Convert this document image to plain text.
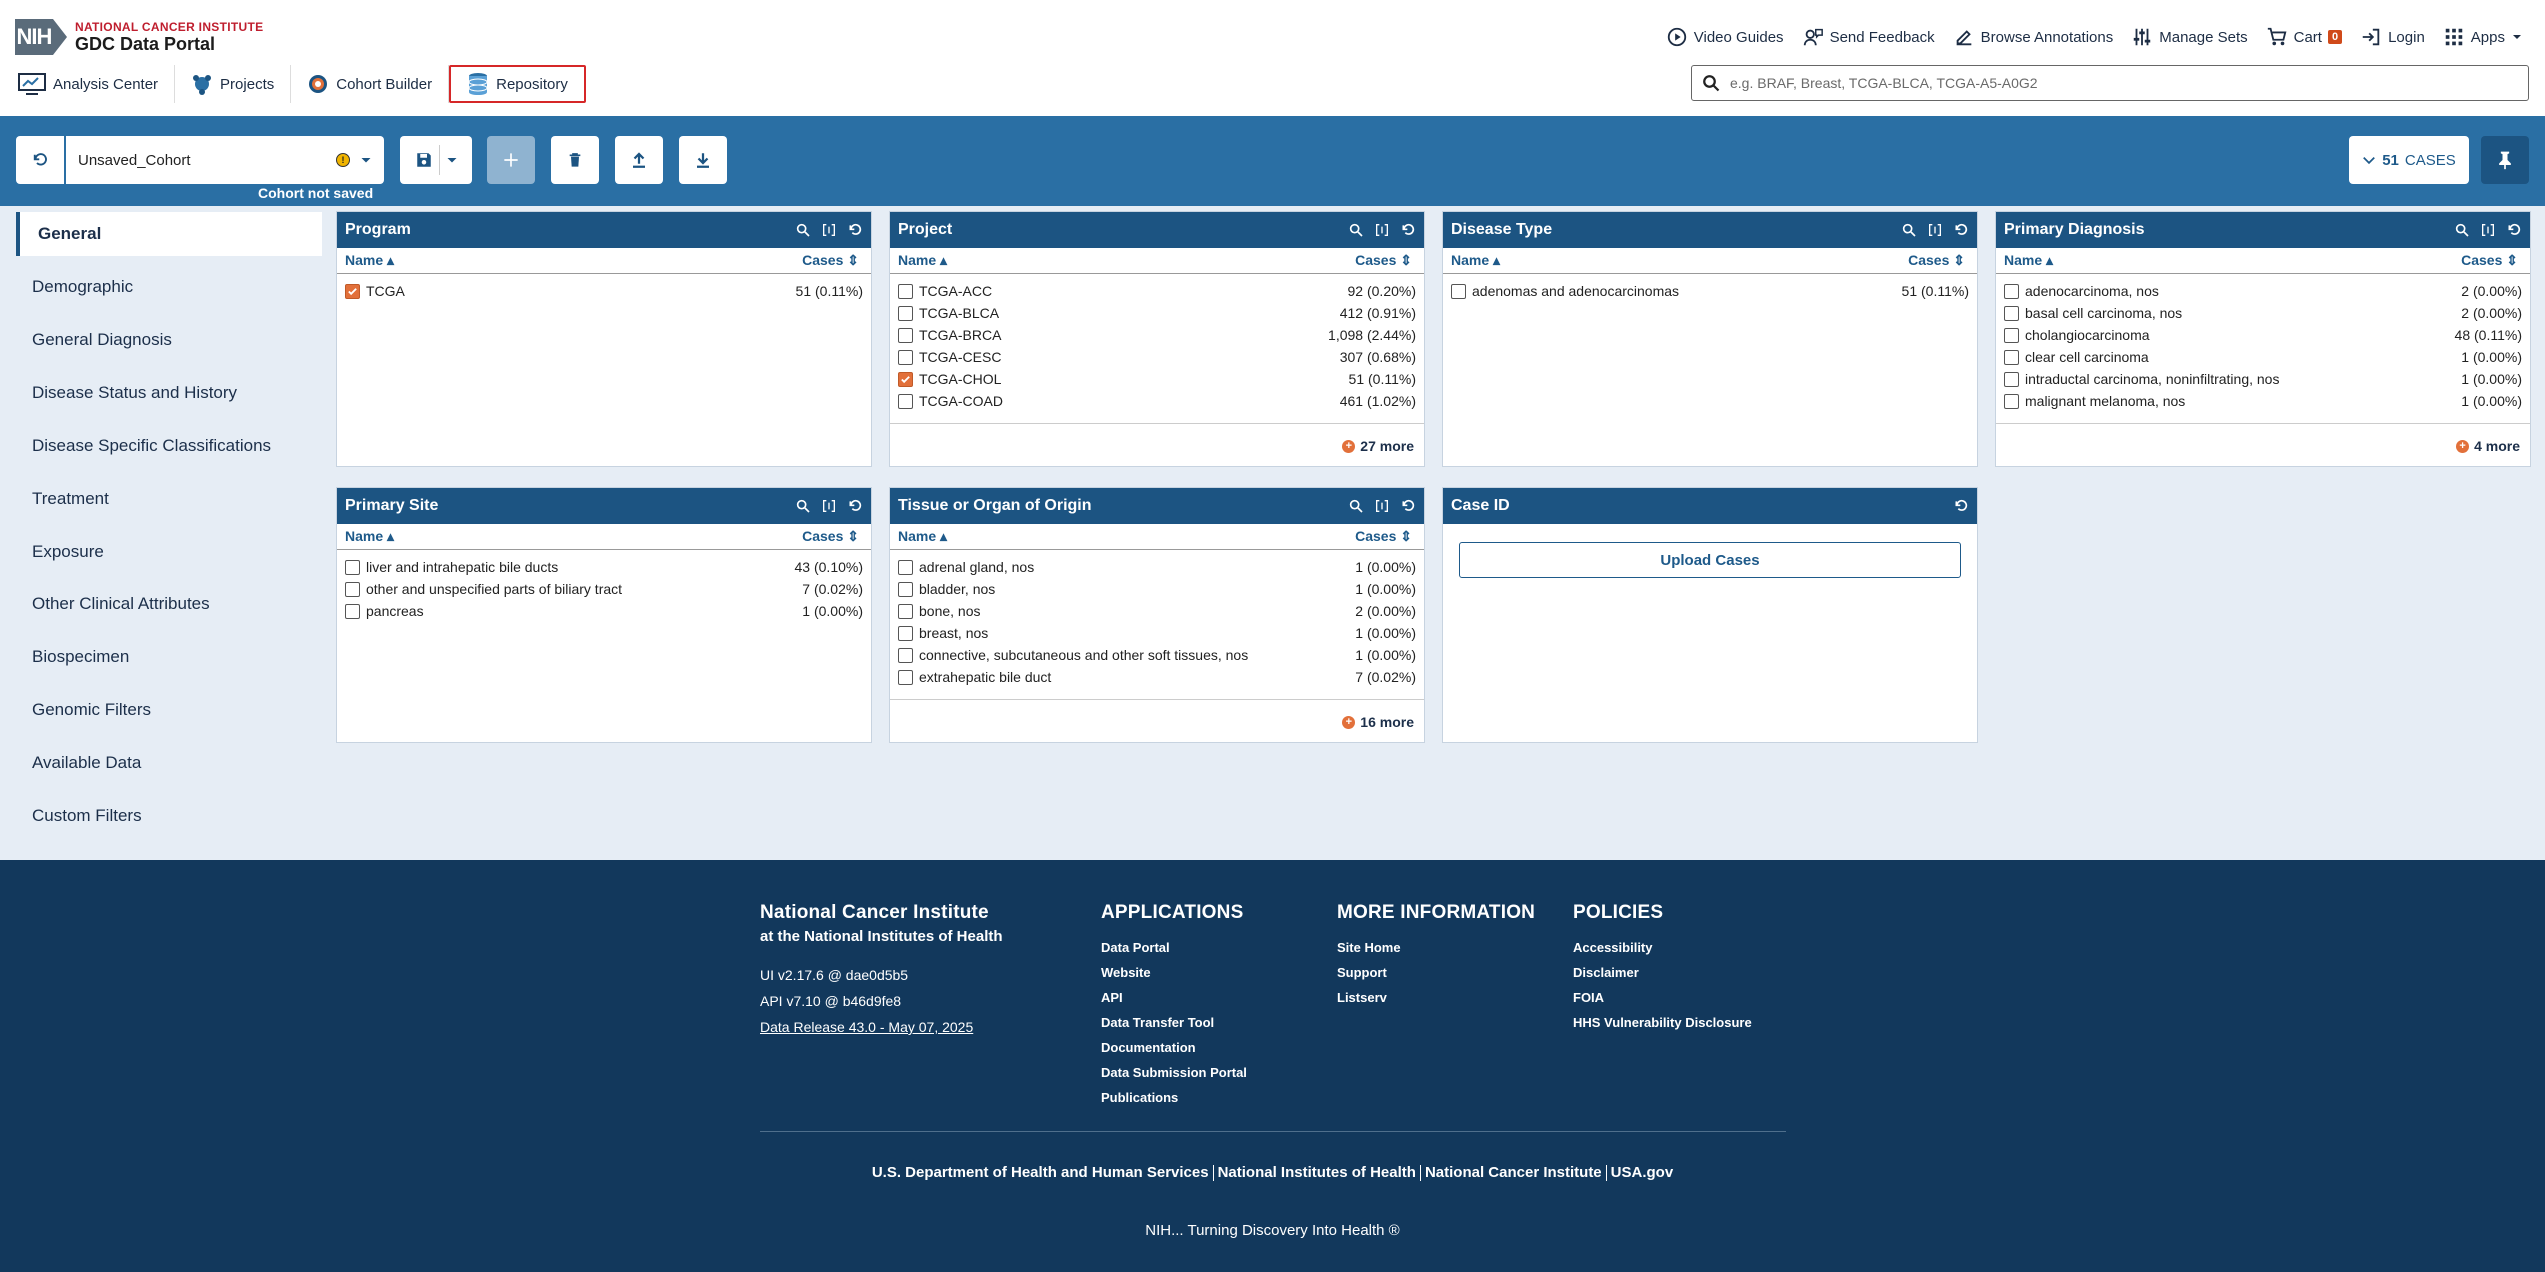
NIH NATIONAL CANCER INSTITUTE
GDC Data Portal	Video Guides	Send Feedback	Browse Annotations	Manage Sets	Cart 0	Login	Apps
Analysis Center	Projects	Cohort Builder	Repository	e.g. BRAF, Breast, TCGA-BLCA, TCGA-A5-A0G2
Unsaved_Cohort	!
Cohort not saved
51 CASES
General
Demographic
General Diagnosis
Disease Status and History
Disease Specific Classifications
Treatment
Exposure
Other Clinical Attributes
Biospecimen
Genomic Filters
Available Data
Custom Filters
Program
Name ▴	Cases ⇕
TCGA	51 (0.11%)
Project
Name ▴	Cases ⇕
TCGA-ACC	92 (0.20%)
TCGA-BLCA	412 (0.91%)
TCGA-BRCA	1,098 (2.44%)
TCGA-CESC	307 (0.68%)
TCGA-CHOL	51 (0.11%)
TCGA-COAD	461 (1.02%)
+ 27 more
Disease Type
Name ▴	Cases ⇕
adenomas and adenocarcinomas	51 (0.11%)
Primary Diagnosis
Name ▴	Cases ⇕
adenocarcinoma, nos	2 (0.00%)
basal cell carcinoma, nos	2 (0.00%)
cholangiocarcinoma	48 (0.11%)
clear cell carcinoma	1 (0.00%)
intraductal carcinoma, noninfiltrating, nos	1 (0.00%)
malignant melanoma, nos	1 (0.00%)
+ 4 more
Primary Site
Name ▴	Cases ⇕
liver and intrahepatic bile ducts	43 (0.10%)
other and unspecified parts of biliary tract	7 (0.02%)
pancreas	1 (0.00%)
Tissue or Organ of Origin
Name ▴	Cases ⇕
adrenal gland, nos	1 (0.00%)
bladder, nos	1 (0.00%)
bone, nos	2 (0.00%)
breast, nos	1 (0.00%)
connective, subcutaneous and other soft tissues, nos	1 (0.00%)
extrahepatic bile duct	7 (0.02%)
+ 16 more
Case ID
Upload Cases
National Cancer Institute
at the National Institutes of Health
UI v2.17.6 @ dae0d5b5
API v7.10 @ b46d9fe8
Data Release 43.0 - May 07, 2025
APPLICATIONS
Data Portal
Website
API
Data Transfer Tool
Documentation
Data Submission Portal
Publications
MORE INFORMATION
Site Home
Support
Listserv
POLICIES
Accessibility
Disclaimer
FOIA
HHS Vulnerability Disclosure
U.S. Department of Health and Human Services National Institutes of Health National Cancer Institute USA.gov
NIH... Turning Discovery Into Health ®
